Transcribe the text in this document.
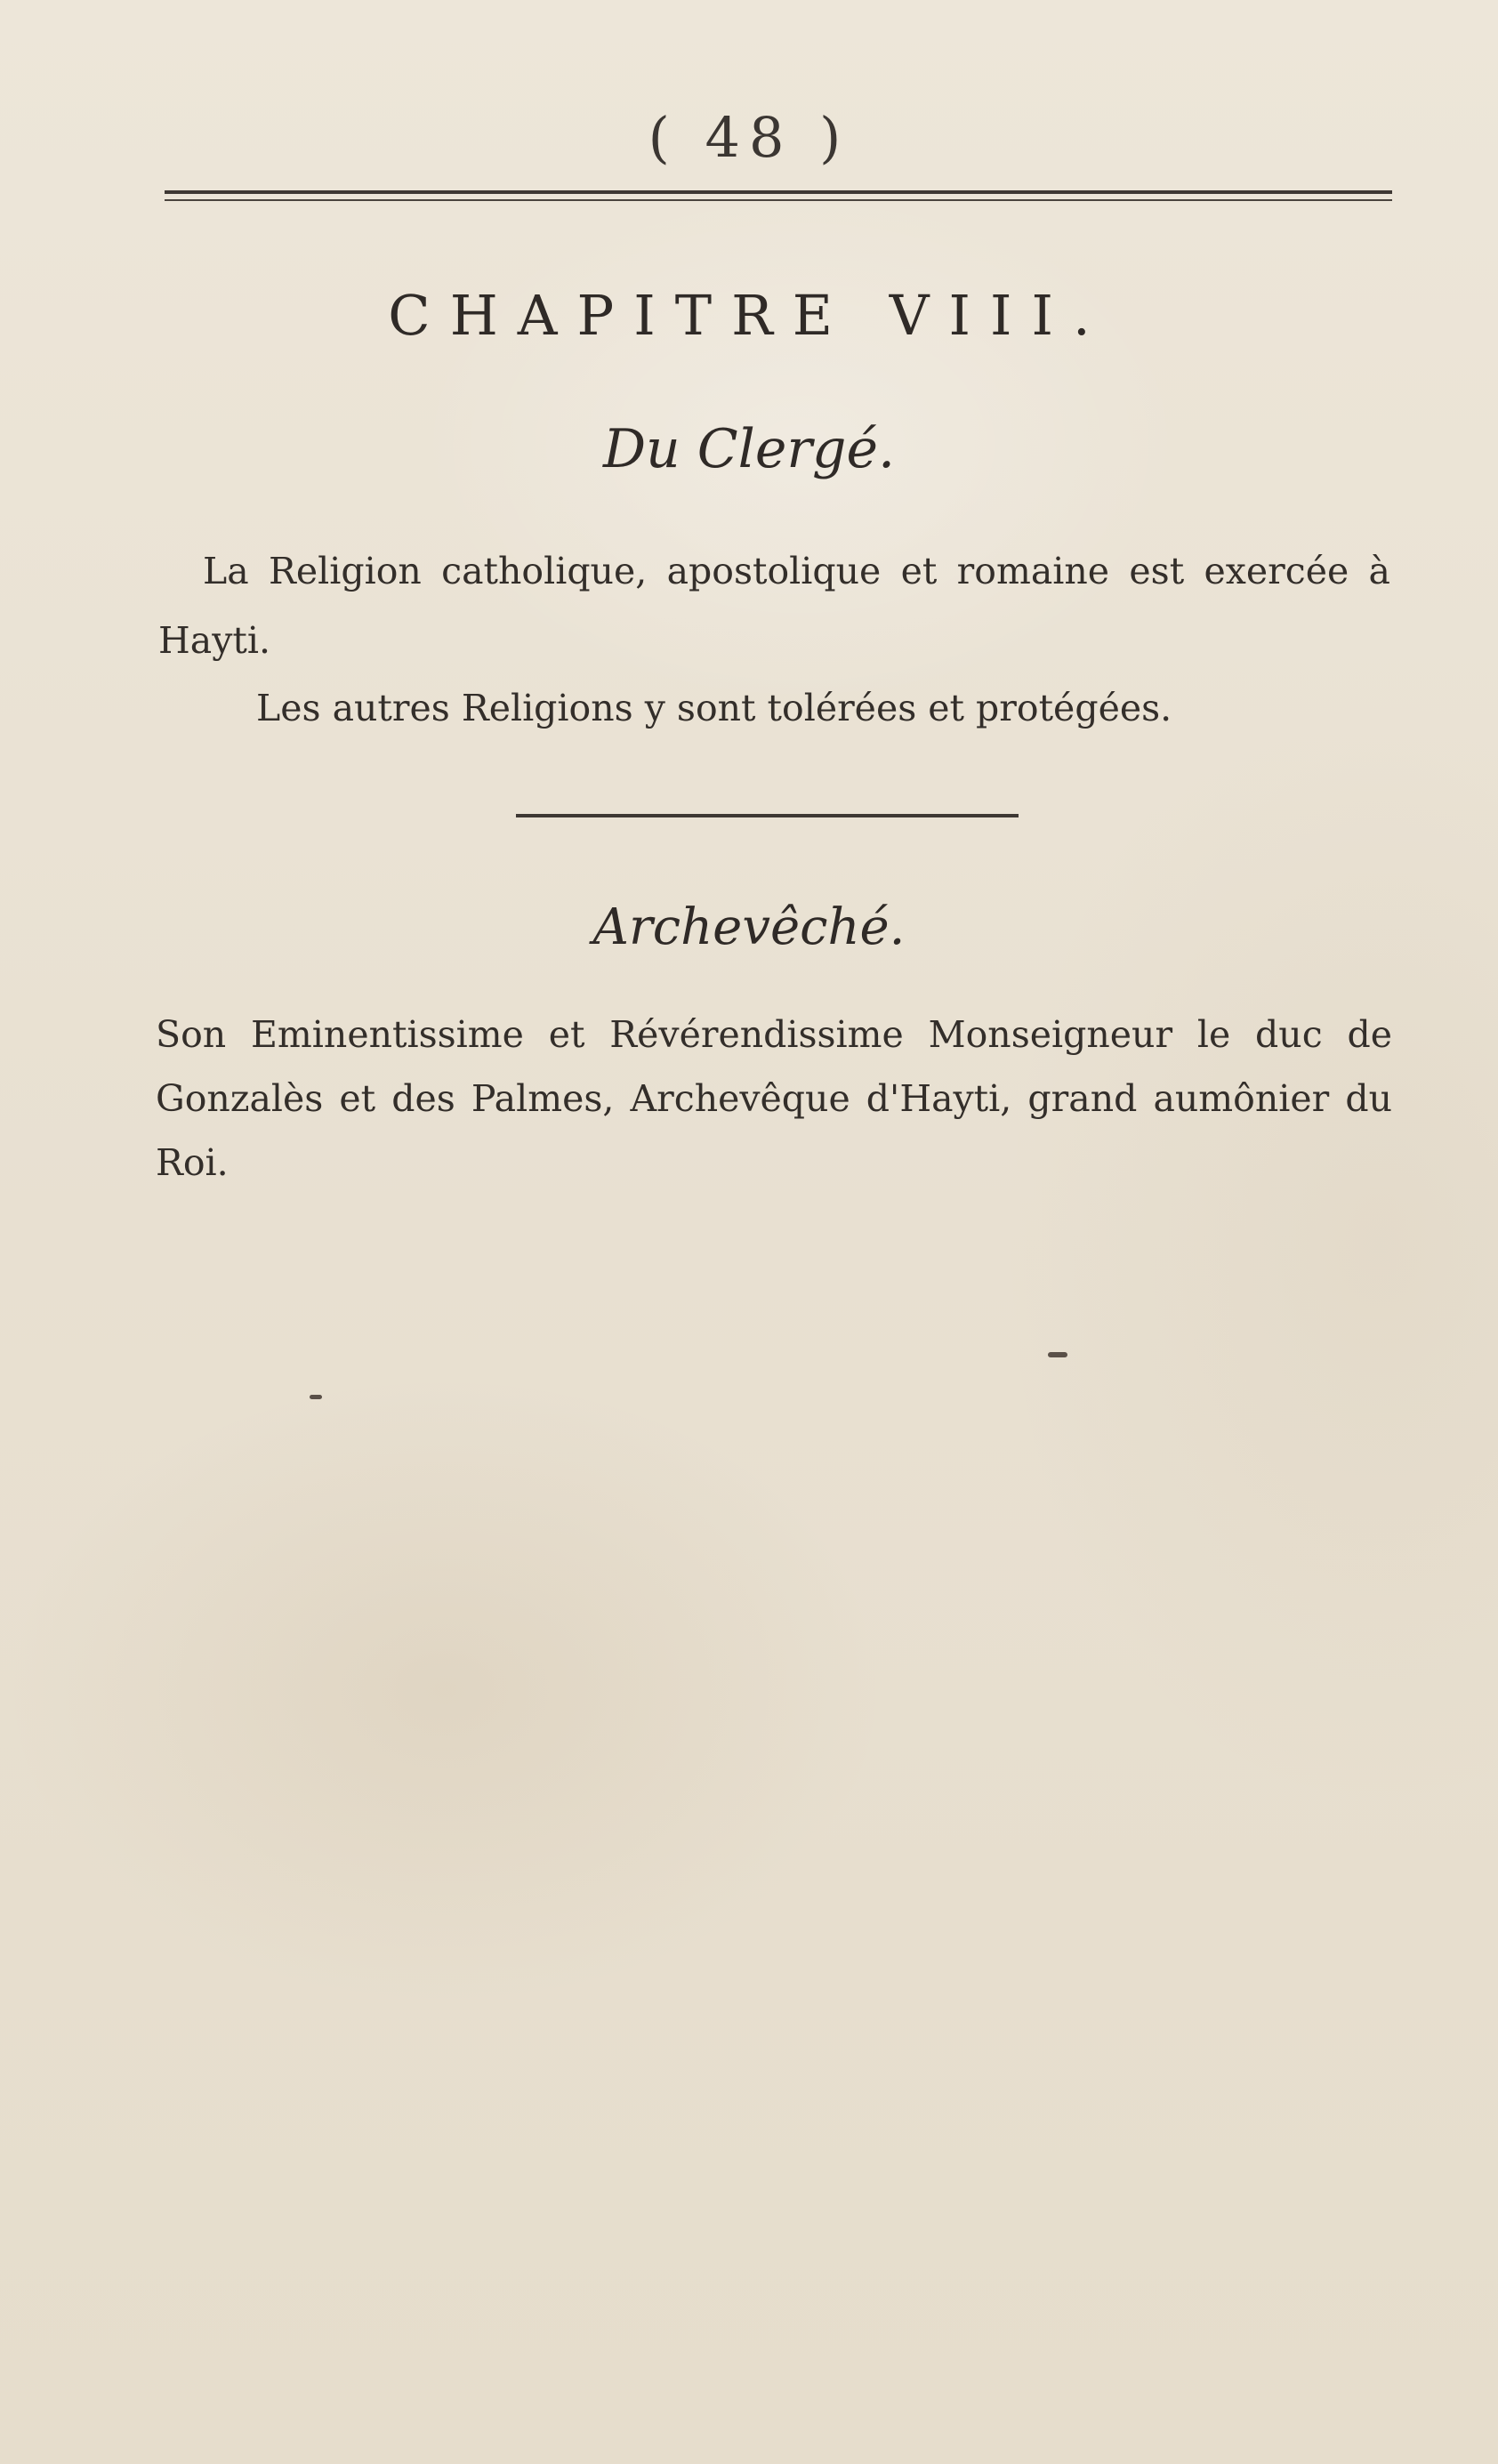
( 48 )
CHAPITRE VIII.
Du Clergé.
La Religion catholique, apostolique et romaine est exercée à Hayti.
Les autres Religions y sont tolérées et protégées.
Archevêché.
Son Eminentissime et Révérendissime Monseigneur le duc de Gonzalès et des Palmes, Archevêque d'Hayti, grand aumônier du Roi.
